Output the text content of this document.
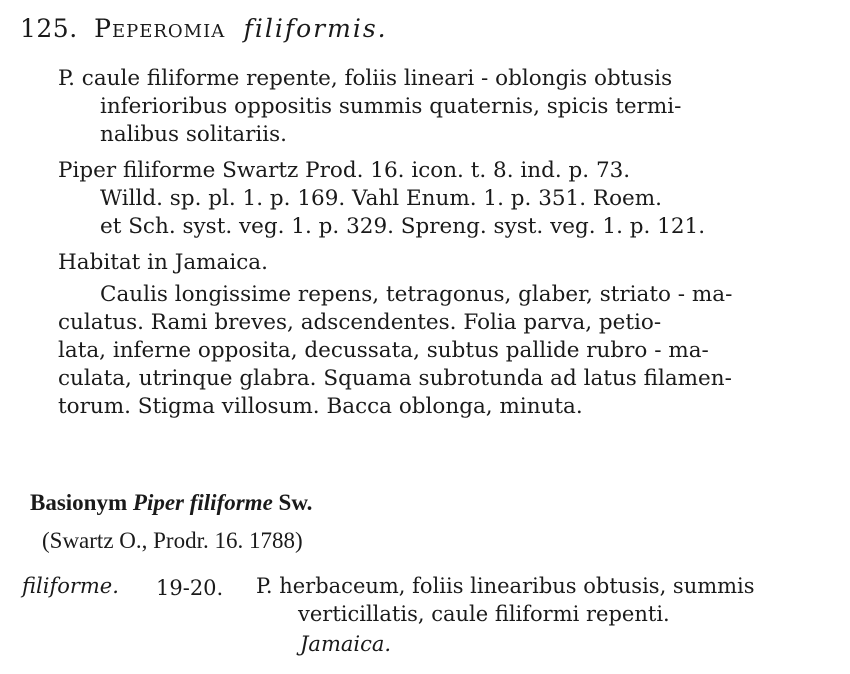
125. Peperomia filiformis.
P. caule filiforme repente, foliis lineari - oblongis obtusis
inferioribus oppositis summis quaternis, spicis termi-
nalibus solitariis.
Piper filiforme Swartz Prod. 16. icon. t. 8. ind. p. 73.
Willd. sp. pl. 1. p. 169. Vahl Enum. 1. p. 351. Roem.
et Sch. syst. veg. 1. p. 329. Spreng. syst. veg. 1. p. 121.
Habitat in Jamaica.
Caulis longissime repens, tetragonus, glaber, striato - ma-
culatus. Rami breves, adscendentes. Folia parva, petio-
lata, inferne opposita, decussata, subtus pallide rubro - ma-
culata, utrinque glabra. Squama subrotunda ad latus filamen-
torum. Stigma villosum. Bacca oblonga, minuta.
Basionym Piper filiforme Sw.
(Swartz O., Prodr. 16. 1788)
filiforme. 19-20. P. herbaceum, foliis linearibus obtusis, summis
verticillatis, caule filiformi repenti.
Jamaica.
